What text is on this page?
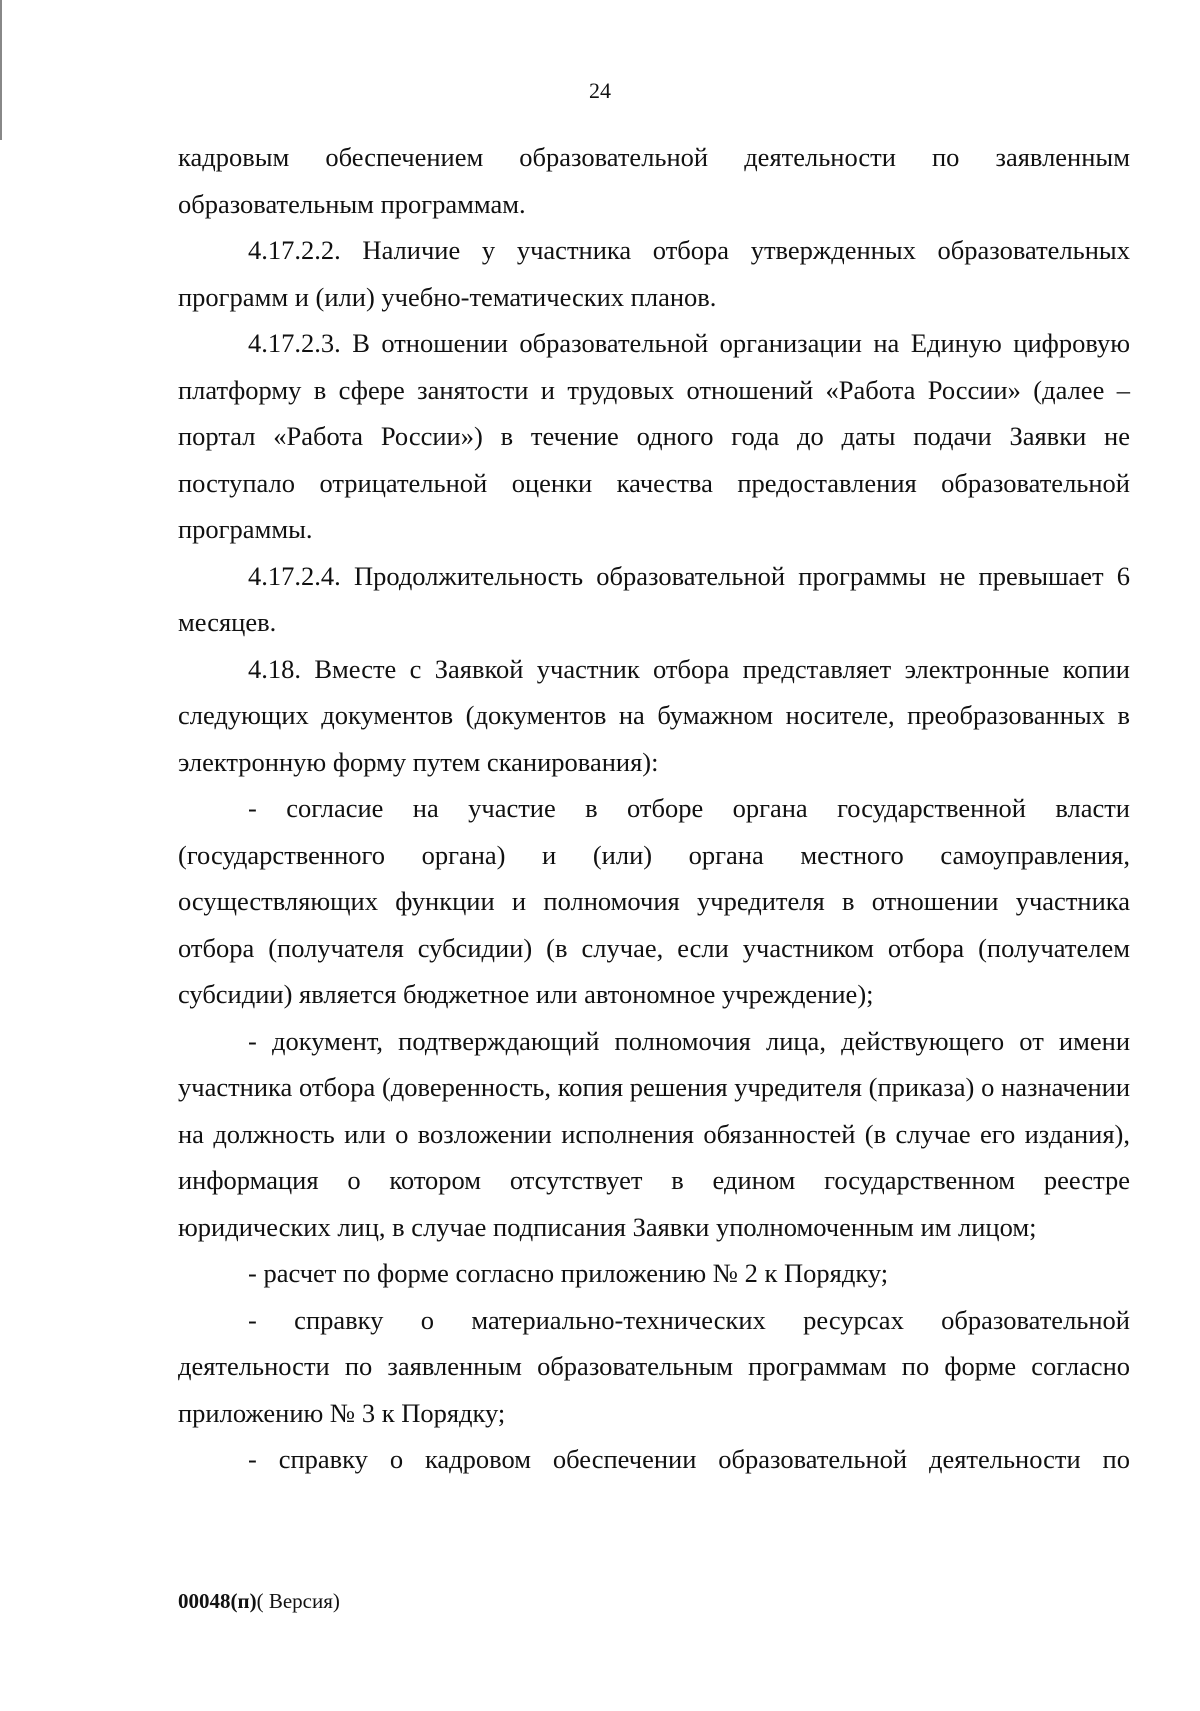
24

кадровым обеспечением образовательной деятельности по заявленным образовательным программам.

4.17.2.2. Наличие у участника отбора утвержденных образовательных программ и (или) учебно-тематических планов.

4.17.2.3. В отношении образовательной организации на Единую цифровую платформу в сфере занятости и трудовых отношений «Работа России» (далее – портал «Работа России») в течение одного года до даты подачи Заявки не поступало отрицательной оценки качества предоставления образовательной программы.

4.17.2.4. Продолжительность образовательной программы не превышает 6 месяцев.

4.18. Вместе с Заявкой участник отбора представляет электронные копии следующих документов (документов на бумажном носителе, преобразованных в электронную форму путем сканирования):

- согласие на участие в отборе органа государственной власти (государственного органа) и (или) органа местного самоуправления, осуществляющих функции и полномочия учредителя в отношении участника отбора (получателя субсидии) (в случае, если участником отбора (получателем субсидии) является бюджетное или автономное учреждение);

- документ, подтверждающий полномочия лица, действующего от имени участника отбора (доверенность, копия решения учредителя (приказа) о назначении на должность или о возложении исполнения обязанностей (в случае его издания), информация о котором отсутствует в едином государственном реестре юридических лиц, в случае подписания Заявки уполномоченным им лицом;

- расчет по форме согласно приложению № 2 к Порядку;

- справку о материально-технических ресурсах образовательной деятельности по заявленным образовательным программам по форме согласно приложению № 3 к Порядку;

- справку о кадровом обеспечении образовательной деятельности по

00048(п)( Версия)
